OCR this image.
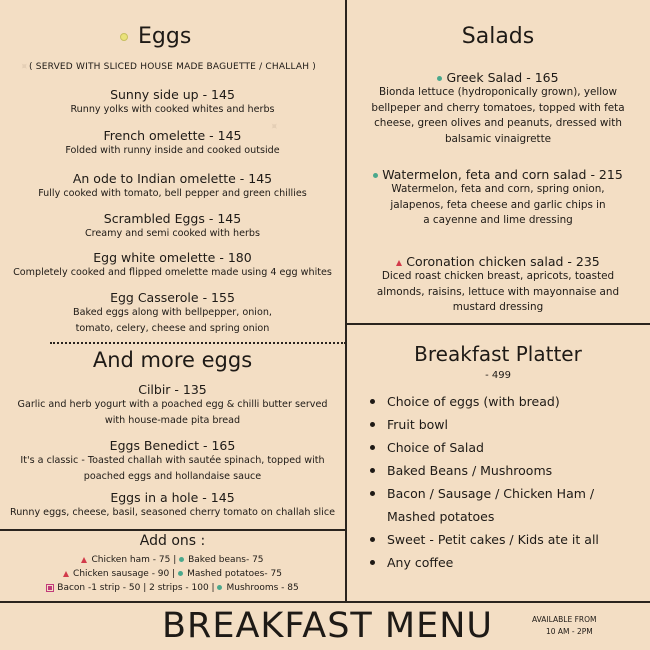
✦
✦
Eggs
( SERVED WITH SLICED HOUSE MADE BAGUETTE / CHALLAH )
Sunny side up - 145
Runny yolks with cooked whites and herbs
French omelette - 145
Folded with runny inside and cooked outside
An ode to Indian omelette - 145
Fully cooked with tomato, bell pepper and green chillies
Scrambled Eggs - 145
Creamy and semi cooked with herbs
Egg white omelette - 180
Completely cooked and flipped omelette made using 4 egg whites
Egg Casserole - 155
Baked eggs along with bellpepper, onion,
tomato, celery, cheese and spring onion
And more eggs
Cilbir - 135
Garlic and herb yogurt with a poached egg & chilli butter served
with house-made pita bread
Eggs Benedict - 165
It's a classic - Toasted challah with sautée spinach, topped with
poached eggs and hollandaise sauce
Eggs in a hole - 145
Runny eggs, cheese, basil, seasoned cherry tomato on challah slice
Add ons :
Chicken ham - 75 | Baked beans- 75
Chicken sausage - 90 | Mashed potatoes- 75
Bacon -1 strip - 50 | 2 strips - 100 | Mushrooms - 85
Salads
Greek Salad - 165
Bionda lettuce (hydroponically grown), yellow
bellpeper and cherry tomatoes, topped with feta
cheese, green olives and peanuts, dressed with
balsamic vinaigrette
Watermelon, feta and corn salad - 215
Watermelon, feta and corn, spring onion,
jalapenos, feta cheese and garlic chips in
a cayenne and lime dressing
Coronation chicken salad - 235
Diced roast chicken breast, apricots, toasted
almonds, raisins, lettuce with mayonnaise and
mustard dressing
Breakfast Platter
- 499
Choice of eggs (with bread)
Fruit bowl
Choice of Salad
Baked Beans / Mushrooms
Bacon / Sausage / Chicken Ham /
Mashed potatoes
Sweet - Petit cakes / Kids ate it all
Any coffee
BREAKFAST MENU	AVAILABLE FROM
10 AM - 2PM
